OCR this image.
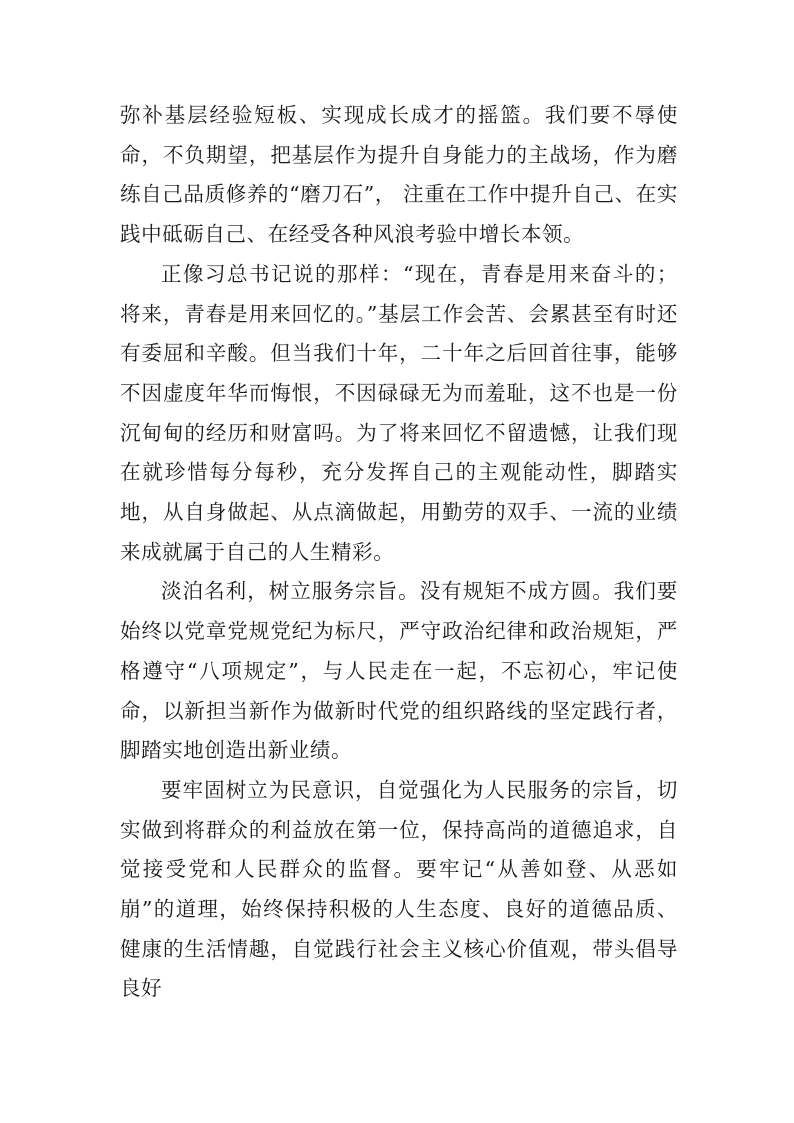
弥补基层经验短板、实现成长成才的摇篮。我们要不辱使命，不负期望，把基层作为提升自身能力的主战场，作为磨练自己品质修养的“磨刀石”， 注重在工作中提升自己、在实践中砥砺自己、在经受各种风浪考验中增长本领。

正像习总书记说的那样：“现在，青春是用来奋斗的；将来，青春是用来回忆的。”基层工作会苦、会累甚至有时还有委屈和辛酸。但当我们十年，二十年之后回首往事，能够不因虚度年华而悔恨，不因碌碌无为而羞耻，这不也是一份沉甸甸的经历和财富吗。为了将来回忆不留遗憾，让我们现在就珍惜每分每秒，充分发挥自己的主观能动性，脚踏实地，从自身做起、从点滴做起，用勤劳的双手、一流的业绩来成就属于自己的人生精彩。

淡泊名利，树立服务宗旨。没有规矩不成方圆。我们要始终以党章党规党纪为标尺，严守政治纪律和政治规矩，严格遵守“八项规定”，与人民走在一起，不忘初心，牢记使命，以新担当新作为做新时代党的组织路线的坚定践行者，脚踏实地创造出新业绩。

要牢固树立为民意识，自觉强化为人民服务的宗旨，切实做到将群众的利益放在第一位，保持高尚的道德追求，自觉接受党和人民群众的监督。要牢记“从善如登、从恶如崩”的道理，始终保持积极的人生态度、良好的道德品质、健康的生活情趣，自觉践行社会主义核心价值观，带头倡导良好
